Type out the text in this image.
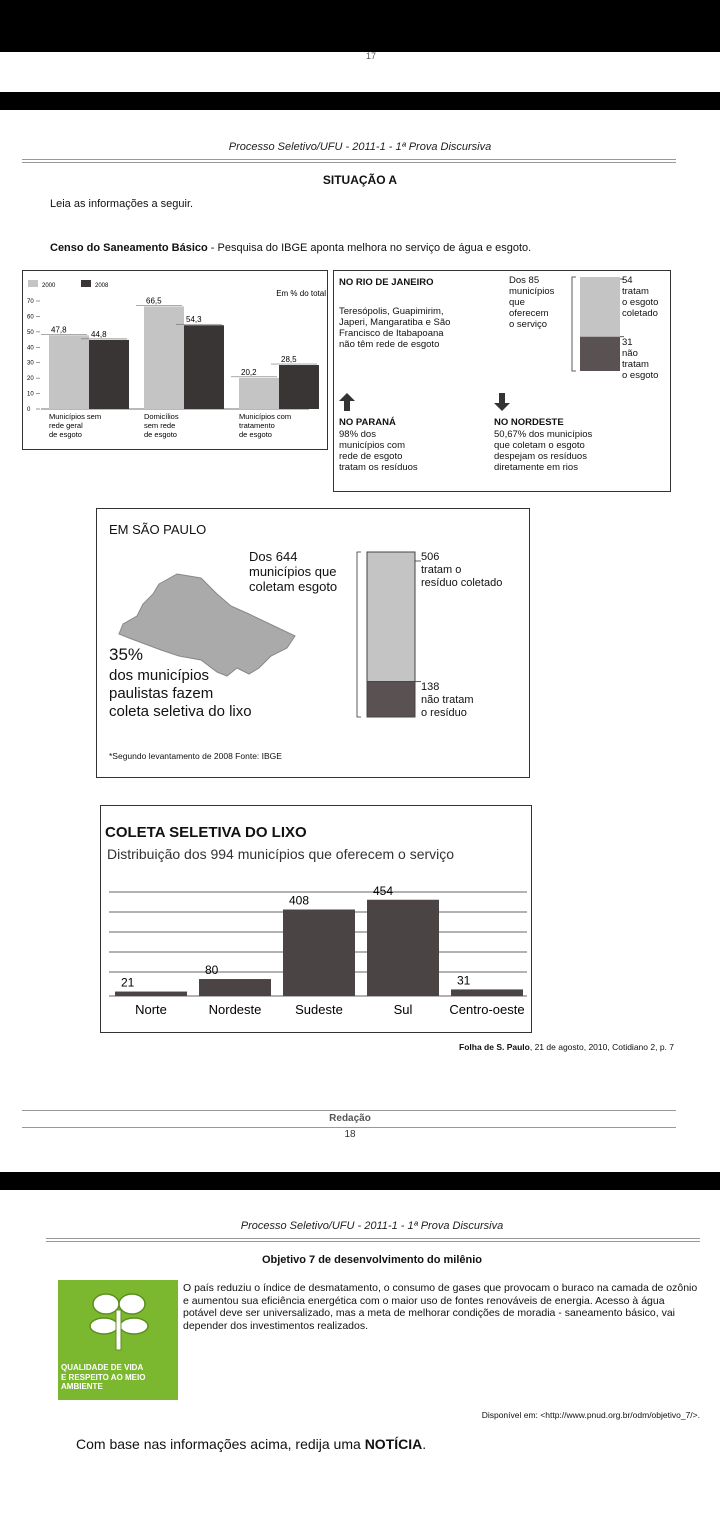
17
Processo Seletivo/UFU - 2011-1 - 1ª Prova Discursiva
SITUAÇÃO A
Leia as informações a seguir.
Censo do Saneamento Básico - Pesquisa do IBGE aponta melhora no serviço de água e esgoto.
2000	2008
Em % do total
70
60
50
40
30
20
10
0
47,8
44,8
Municípios sem
rede geral
de esgoto
66,5
54,3
Domicílios
sem rede
de esgoto
20,2
28,5
Municípios com
tratamento
de esgoto
NO RIO DE JANEIRO
Teresópolis, Guapimirim,
Japeri, Mangaratiba e São
Francisco de Itabapoana
não têm rede de esgoto
Dos 85
municípios
que
oferecem
o serviço
54
tratam
o esgoto
coletado
31
não
tratam
o esgoto
NO PARANÁ
98% dos
municípios com
rede de esgoto
tratam os resíduos
NO NORDESTE
50,67% dos municípios
que coletam o esgoto
despejam os resíduos
diretamente em rios
EM SÃO PAULO
Dos 644
municípios que
coletam esgoto
506
tratam o
resíduo coletado
138
não tratam
o resíduo
35%
dos municípios
paulistas fazem
coleta seletiva do lixo
*Segundo levantamento de 2008 Fonte: IBGE
COLETA SELETIVA DO LIXO
Distribuição dos 994 municípios que oferecem o serviço
21
Norte
80
Nordeste
408
Sudeste
454
Sul
31
Centro-oeste
Folha de S. Paulo, 21 de agosto, 2010, Cotidiano 2, p. 7
Redação
18
Processo Seletivo/UFU - 2011-1 - 1ª Prova Discursiva
Objetivo 7 de desenvolvimento do milênio
QUALIDADE DE VIDA
E RESPEITO AO MEIO
AMBIENTE
O país reduziu o índice de desmatamento, o consumo de gases que provocam o buraco na camada de ozônio e aumentou sua eficiência energética com o maior uso de fontes renováveis de energia. Acesso à água potável deve ser universalizado, mas a meta de melhorar condições de moradia - saneamento básico, vai depender dos investimentos realizados.
Disponível em: <http://www.pnud.org.br/odm/objetivo_7/>.
Com base nas informações acima, redija uma NOTÍCIA.
